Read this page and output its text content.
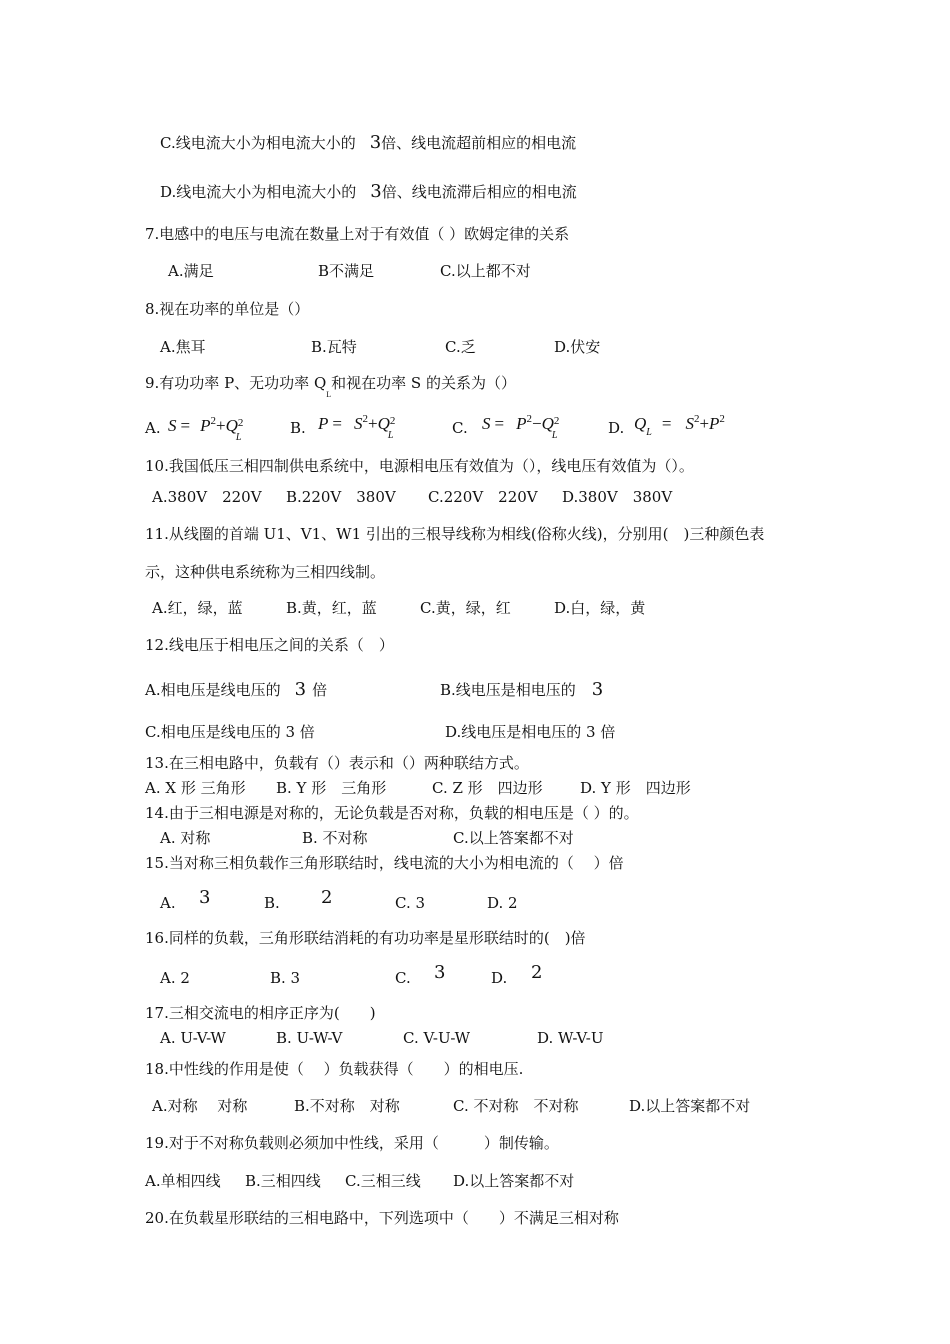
C.线电流大小为相电流大小的 3倍、线电流超前相应的相电流
D.线电流大小为相电流大小的 3倍、线电流滞后相应的相电流
7.电感中的电压与电流在数量上对于有效值（ ）欧姆定律的关系
A.满足	B不满足	C.以上都不对
8.视在功率的单位是（）
A.焦耳	B.瓦特	C.乏	D.伏安
9.有功功率 P、无功功率 $Q_L$和视在功率 S 的关系为（）
A. $S = P^2+Q$ 2
L
B. $P = S^2+Q$ 2
L	C. $S = P^2-Q$ 2
L	D. $Q_L = S^2+P^2$
10.我国低压三相四制供电系统中，电源相电压有效值为（），线电压有效值为（）。
A.380V　220V B.220V　380V C.220V　220V D.380V　380V
11.从线圈的首端 U1、V1、W1 引出的三根导线称为相线(俗称火线)，分别用(　)三种颜色表
示，这种供电系统称为三相四线制。
A.红，绿，蓝	B.黄，红，蓝	C.黄，绿，红	D.白，绿，黄
12.线电压于相电压之间的关系（　）
A.相电压是线电压的 3 倍	B.线电压是相电压的 3
C.相电压是线电压的 3 倍	D.线电压是相电压的 3 倍
13.在三相电路中，负载有（）表示和（）两种联结方式。
A. X 形 三角形 B. Y 形　三角形	C. Z 形　四边形 D. Y 形　四边形
14.由于三相电源是对称的，无论负载是否对称，负载的相电压是（ ）的。
A. 对称	B. 不对称	C.以上答案都不对
15.当对称三相负载作三角形联结时，线电流的大小为相电流的（　 ）倍
A. 3	B. 2	C. 3	D. 2
16.同样的负载，三角形联结消耗的有功功率是星形联结时的(　)倍
A. 2	B. 3	C. 3	D. 2
17.三相交流电的相序正序为(　　)
A. U-V-W	B. U-W-V	C. V-U-W	D. W-V-U
18.中性线的作用是使（　 ）负载获得（　　）的相电压.
A.对称　 对称	B.不对称　对称	C. 不对称　不对称	D.以上答案都不对
19.对于不对称负载则必须加中性线，采用（　　　）制传输。
A.单相四线 B.三相四线 C.三相三线 D.以上答案都不对
20.在负载星形联结的三相电路中，下列选项中（　　）不满足三相对称
